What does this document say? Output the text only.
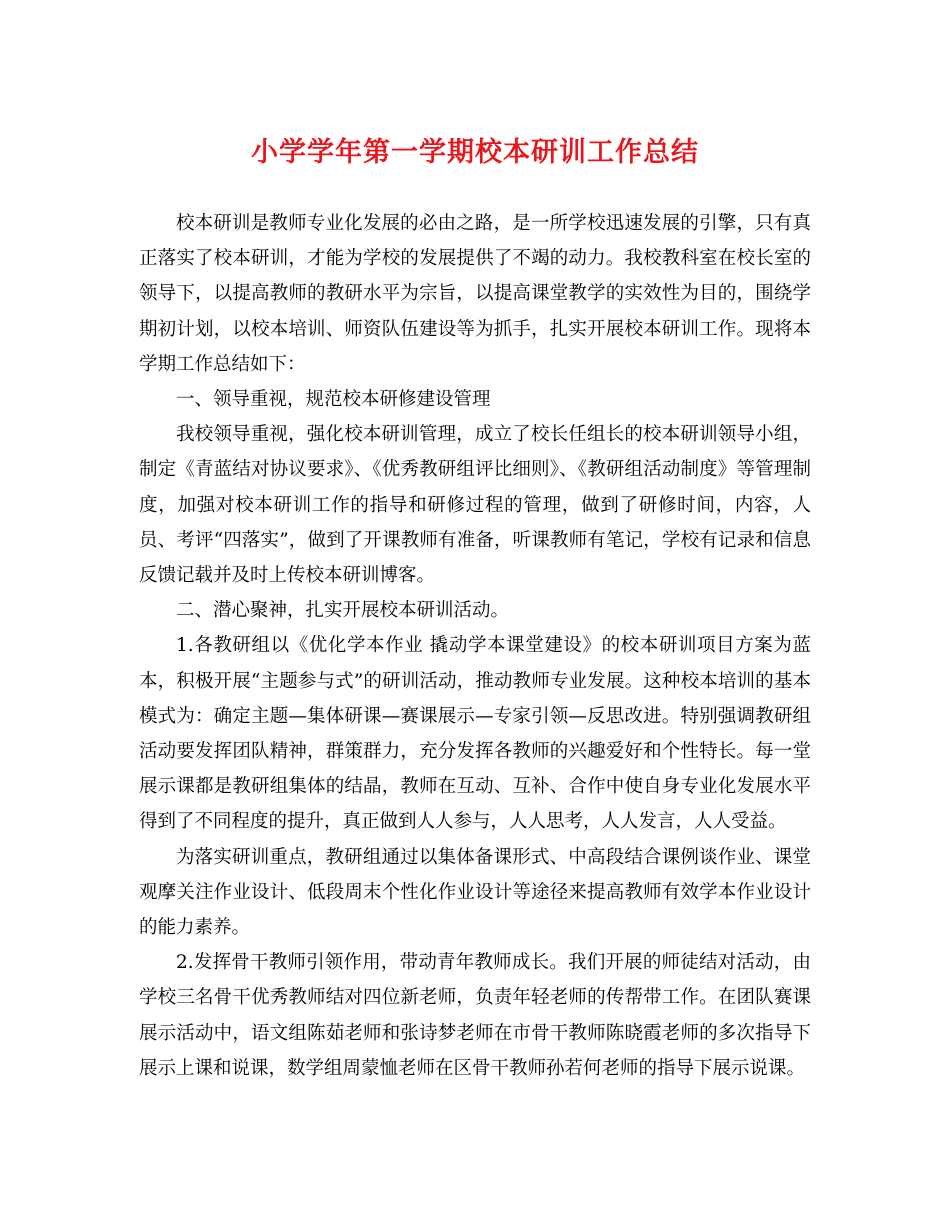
小学学年第一学期校本研训工作总结

校本研训是教师专业化发展的必由之路，是一所学校迅速发展的引擎，只有真正落实了校本研训，才能为学校的发展提供了不竭的动力。我校教科室在校长室的领导下，以提高教师的教研水平为宗旨，以提高课堂教学的实效性为目的，围绕学期初计划，以校本培训、师资队伍建设等为抓手，扎实开展校本研训工作。现将本学期工作总结如下：

一、领导重视，规范校本研修建设管理

我校领导重视，强化校本研训管理，成立了校长任组长的校本研训领导小组，制定《青蓝结对协议要求》、《优秀教研组评比细则》、《教研组活动制度》等管理制度，加强对校本研训工作的指导和研修过程的管理，做到了研修时间，内容，人员、考评“四落实”，做到了开课教师有准备，听课教师有笔记，学校有记录和信息反馈记载并及时上传校本研训博客。

二、潜心聚神，扎实开展校本研训活动。

1.各教研组以《优化学本作业 撬动学本课堂建设》的校本研训项目方案为蓝本，积极开展“主题参与式”的研训活动，推动教师专业发展。这种校本培训的基本模式为：确定主题—集体研课—赛课展示—专家引领—反思改进。特别强调教研组活动要发挥团队精神，群策群力，充分发挥各教师的兴趣爱好和个性特长。每一堂展示课都是教研组集体的结晶，教师在互动、互补、合作中使自身专业化发展水平得到了不同程度的提升，真正做到人人参与，人人思考，人人发言，人人受益。

为落实研训重点，教研组通过以集体备课形式、中高段结合课例谈作业、课堂观摩关注作业设计、低段周末个性化作业设计等途径来提高教师有效学本作业设计的能力素养。

2.发挥骨干教师引领作用，带动青年教师成长。我们开展的师徒结对活动，由学校三名骨干优秀教师结对四位新老师，负责年轻老师的传帮带工作。在团队赛课展示活动中，语文组陈茹老师和张诗梦老师在市骨干教师陈晓霞老师的多次指导下展示上课和说课，数学组周蒙恤老师在区骨干教师孙若何老师的指导下展示说课。
